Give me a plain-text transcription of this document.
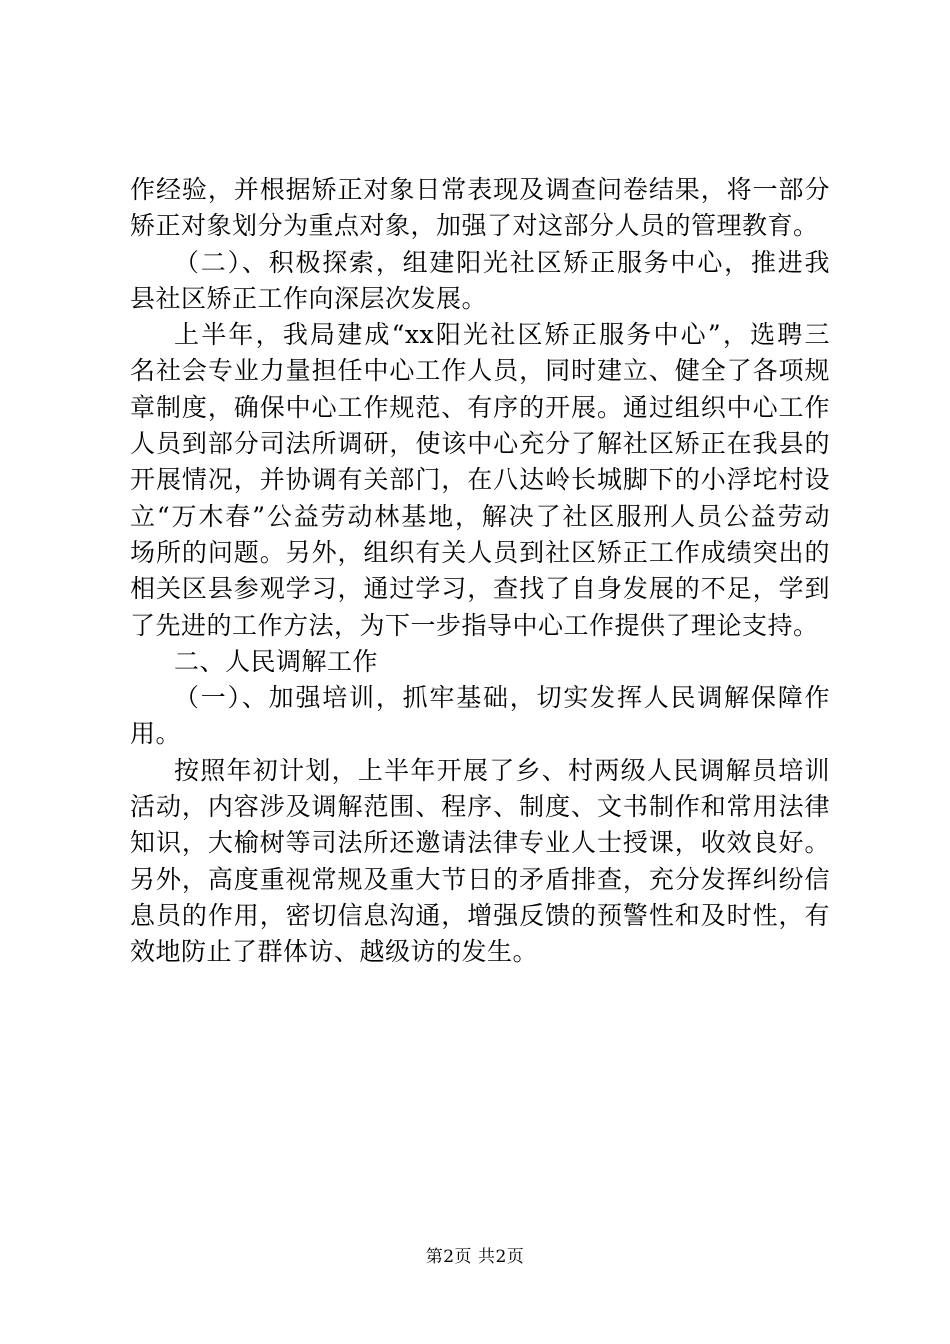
作经验，并根据矫正对象日常表现及调查问卷结果，将一部分
矫正对象划分为重点对象，加强了对这部分人员的管理教育。
（二）、积极探索，组建阳光社区矫正服务中心，推进我
县社区矫正工作向深层次发展。
上半年，我局建成“xx阳光社区矫正服务中心”，选聘三
名社会专业力量担任中心工作人员，同时建立、健全了各项规
章制度，确保中心工作规范、有序的开展。通过组织中心工作
人员到部分司法所调研，使该中心充分了解社区矫正在我县的
开展情况，并协调有关部门，在八达岭长城脚下的小浮坨村设
立“万木春”公益劳动林基地，解决了社区服刑人员公益劳动
场所的问题。另外，组织有关人员到社区矫正工作成绩突出的
相关区县参观学习，通过学习，查找了自身发展的不足，学到
了先进的工作方法，为下一步指导中心工作提供了理论支持。
二、人民调解工作
（一）、加强培训，抓牢基础，切实发挥人民调解保障作
用。
按照年初计划，上半年开展了乡、村两级人民调解员培训
活动，内容涉及调解范围、程序、制度、文书制作和常用法律
知识，大榆树等司法所还邀请法律专业人士授课，收效良好。
另外，高度重视常规及重大节日的矛盾排查，充分发挥纠纷信
息员的作用，密切信息沟通，增强反馈的预警性和及时性，有
效地防止了群体访、越级访的发生。
第2页 共2页
